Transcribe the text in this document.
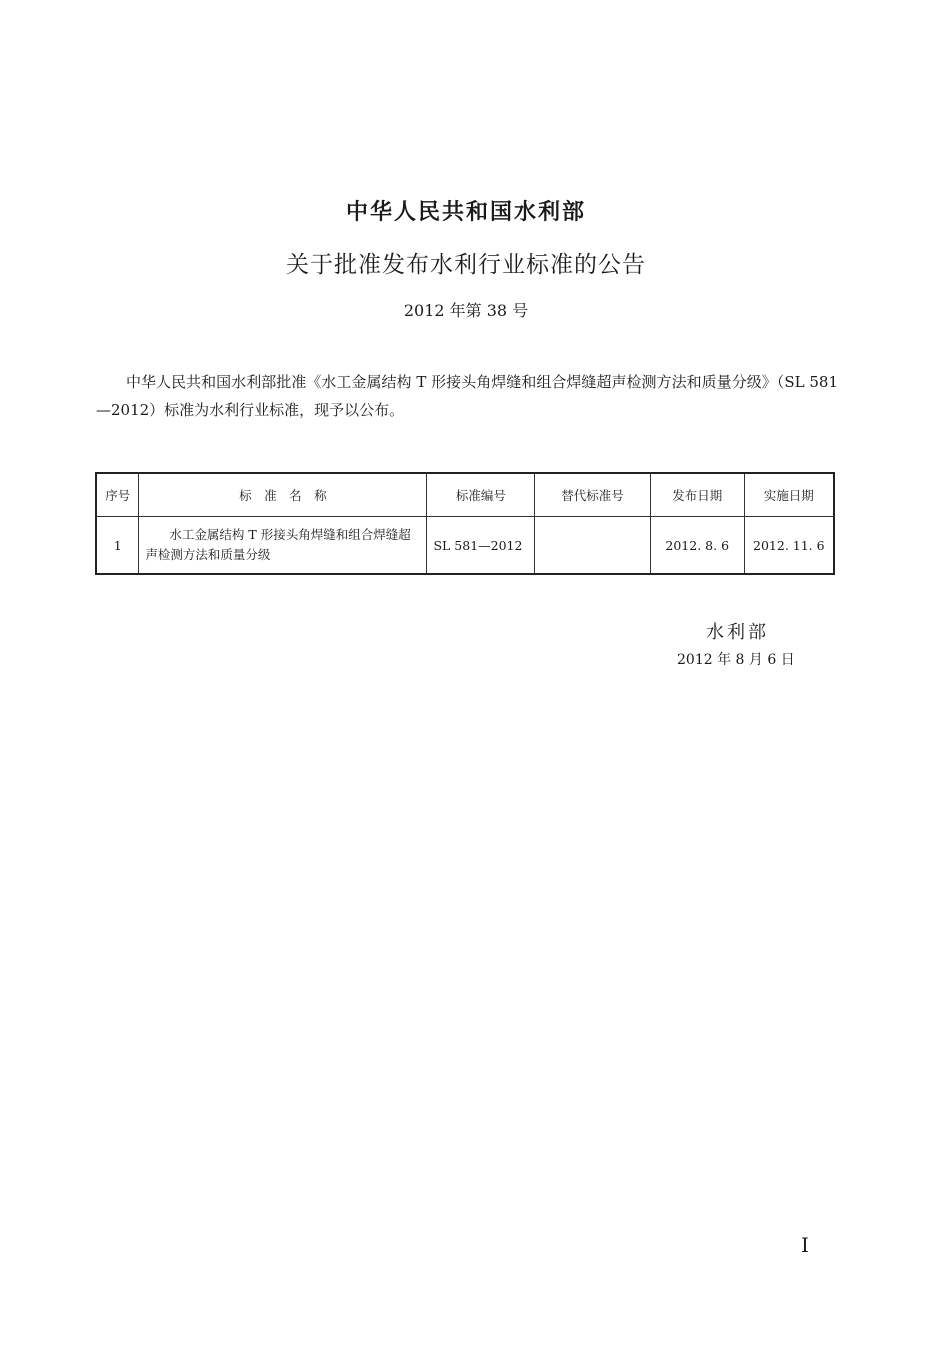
中华人民共和国水利部
关于批准发布水利行业标准的公告
2012 年第 38 号

中华人民共和国水利部批准《水工金属结构 T 形接头角焊缝和组合焊缝超声检测方法和质量分级》（SL 581—2012）标准为水利行业标准，现予以公布。

序号	标　准　名　称	标准编号	替代标准号	发布日期	实施日期
1	水工金属结构 T 形接头角焊缝和组合焊缝超声检测方法和质量分级	SL 581—2012		2012. 8. 6	2012. 11. 6
水利部
2012 年 8 月 6 日
I
